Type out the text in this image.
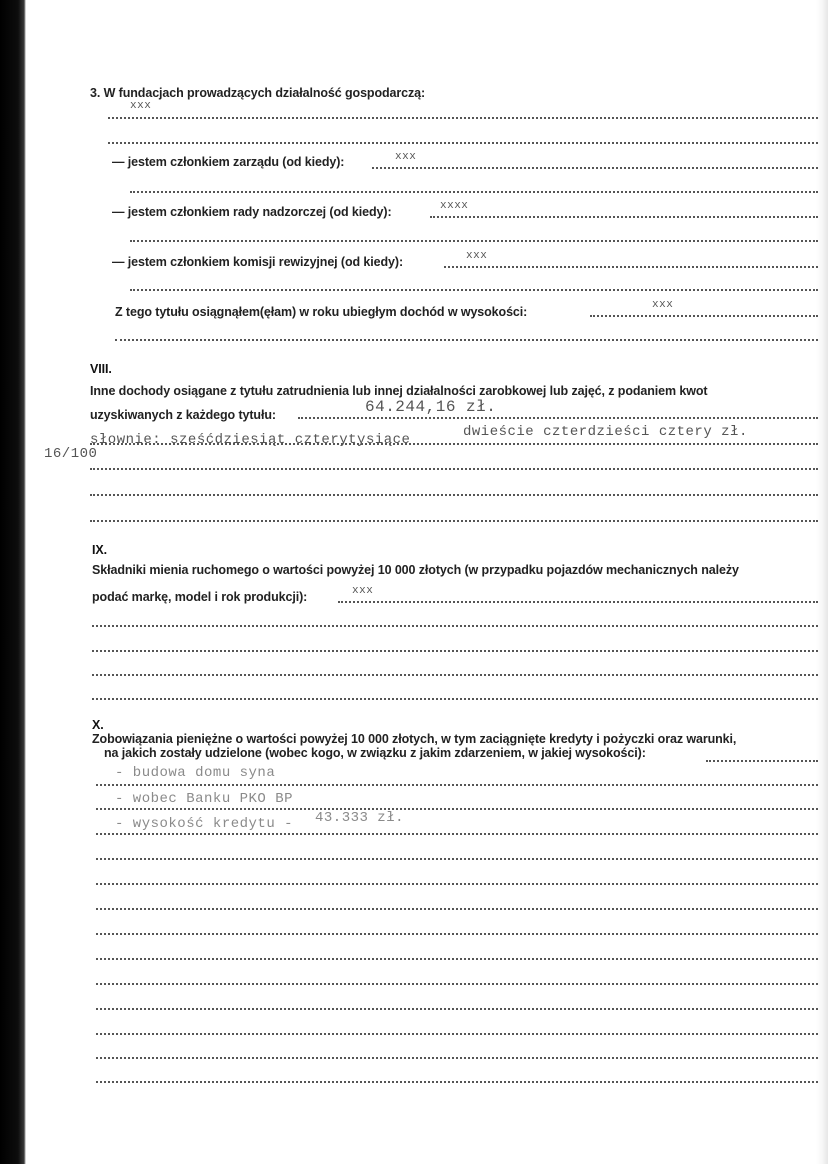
3. W fundacjach prowadzących działalność gospodarczą:
xxx
— jestem członkiem zarządu (od kiedy):	xxx
— jestem członkiem rady nadzorczej (od kiedy):	xxxx
— jestem członkiem komisji rewizyjnej (od kiedy):	xxx
Z tego tytułu osiągnąłem(ęłam) w roku ubiegłym dochód w wysokości:	xxx
VIII.
Inne dochody osiągane z tytułu zatrudnienia lub innej działalności zarobkowej lub zajęć, z podaniem kwot
uzyskiwanych z każdego tytułu:	64.244,16 zł.
słownie: sześćdziesiąt czterytysiące	dwieście czterdzieści cztery zł.
16/100
IX.
Składniki mienia ruchomego o wartości powyżej 10 000 złotych (w przypadku pojazdów mechanicznych należy
podać markę, model i rok produkcji):	xxx
X.
Zobowiązania pieniężne o wartości powyżej 10 000 złotych, w tym zaciągnięte kredyty i pożyczki oraz warunki,
na jakich zostały udzielone (wobec kogo, w związku z jakim zdarzeniem, w jakiej wysokości):
- budowa domu syna
- wobec Banku PKO BP
- wysokość kredytu - 43.333 zł.
